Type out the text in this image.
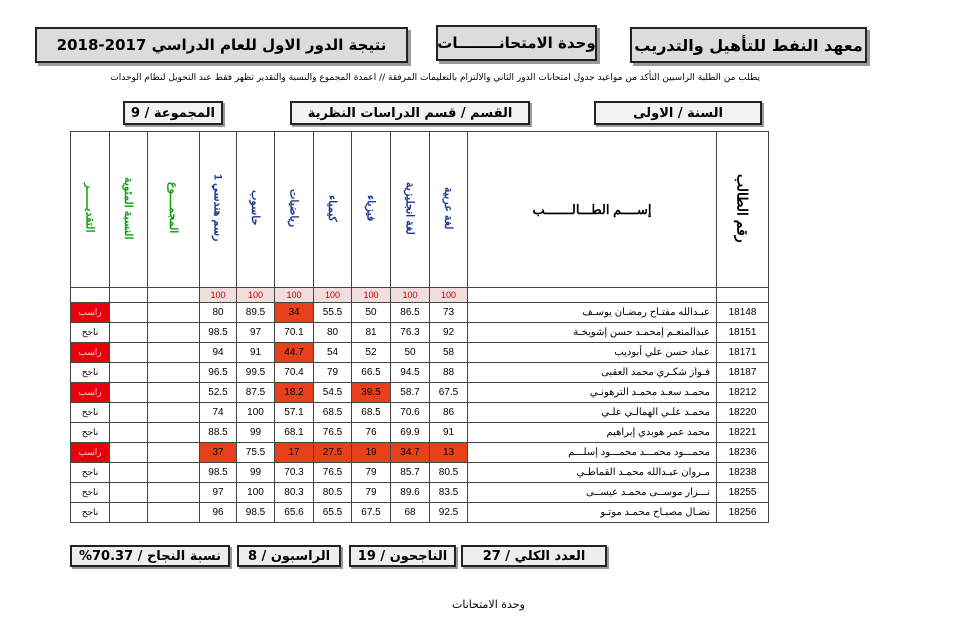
معهد النفط للتأهيل والتدريب
وحدة الامتحانــــــــات
نتيجة الدور الاول للعام الدراسي 2017-2018
يطلب من الطلبة الراسبين التأكد من مواعيد جدول امتحانات الدور الثاني والالتزام بالتعليمات المرفقة // اعمدة المجموع والنسبة والتقدير تظهر فقط عند التحويل لنظام الوحدات
السنة / الاولى
القسم / قسم الدراسات النظرية
المجموعة / 9
التقديــــــر	النسبة المئوية	المجمــــوع	رسم هندسي 1	حاسوب	رياضيات	كيمياء	فيزياء	لغة انجليزية	لغة عربية	إســــم الطـــالـــــــب	رقم الطالب
			100	100	100	100	100	100	100		
راسب			80	89.5	34	55.5	50	86.5	73	عبـدالله مفتـاح رمضـان يوسـف	18148
ناجح			98.5	97	70.1	80	81	76.3	92	عبدالمنعـم إمحمـد حسن إشويخـة	18151
راسب			94	91	44.7	54	52	50	58	عماد حسن علي أبوديب	18171
ناجح			96.5	99.5	70.4	79	66.5	94.5	88	فـواز شكـري محمد العقبى	18187
راسب			52.5	87.5	18.2	54.5	39.5	58.7	67.5	محمـد سعـد محمـد الترهونـي	18212
ناجح			74	100	57.1	68.5	68.5	70.6	86	محمـد علـي الهمالـي علـي	18220
ناجح			88.5	99	68.1	76.5	76	69.9	91	محمد عمر هويدي إبراهيم	18221
راسب			37	75.5	17	27.5	19	34.7	13	محمـــود محمـــد محمـــود إسلـــم	18236
ناجح			98.5	99	70.3	76.5	79	85.7	80.5	مـروان عبـدالله محمـد القماطـي	18238
ناجح			97	100	80.3	80.5	79	89.6	83.5	نـــزار موســى محمـد عيســى	18255
ناجح			96	98.5	65.6	65.5	67.5	68	92.5	نضـال مصبـاح محمـد موتـو	18256
العدد الكلي / 27
الناجحون / 19
الراسبون / 8
نسبة النجاح / 70.37%
وحدة الامتحانات
